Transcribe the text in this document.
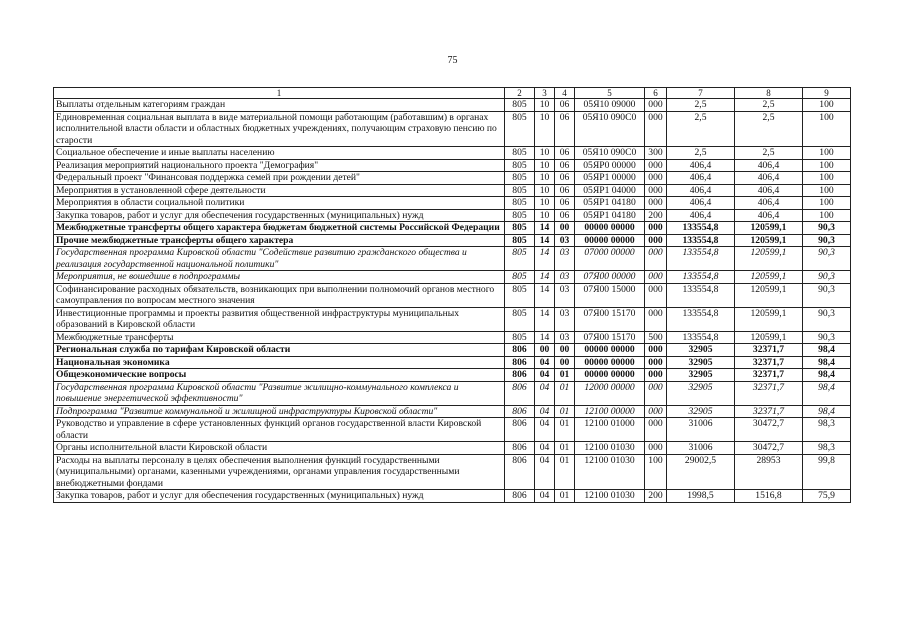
75
1	2	3	4	5	6	7	8	9
Выплаты отдельным категориям граждан	805	10	06	05Я10 09000	000	2,5	2,5	100
Единовременная социальная выплата в виде материальной помощи работающим (работавшим) в органах исполнительной власти области и областных бюджетных учреждениях, получающим страховую пенсию по старости	805	10	06	05Я10 090С0	000	2,5	2,5	100
Социальное обеспечение и иные выплаты населению	805	10	06	05Я10 090С0	300	2,5	2,5	100
Реализация мероприятий национального проекта "Демография"	805	10	06	05ЯР0 00000	000	406,4	406,4	100
Федеральный проект "Финансовая поддержка семей при рождении детей"	805	10	06	05ЯР1 00000	000	406,4	406,4	100
Мероприятия в установленной сфере деятельности	805	10	06	05ЯР1 04000	000	406,4	406,4	100
Мероприятия в области социальной политики	805	10	06	05ЯР1 04180	000	406,4	406,4	100
Закупка товаров, работ и услуг для обеспечения государственных (муниципальных) нужд	805	10	06	05ЯР1 04180	200	406,4	406,4	100
Межбюджетные трансферты общего характера бюджетам бюджетной системы Российской Федерации	805	14	00	00000 00000	000	133554,8	120599,1	90,3
Прочие межбюджетные трансферты общего характера	805	14	03	00000 00000	000	133554,8	120599,1	90,3
Государственная программа Кировской области "Содействие развитию гражданского общества и реализация государственной национальной политики"	805	14	03	07000 00000	000	133554,8	120599,1	90,3
Мероприятия, не вошедшие в подпрограммы	805	14	03	07Я00 00000	000	133554,8	120599,1	90,3
Софинансирование расходных обязательств, возникающих при выполнении полномочий органов местного самоуправления по вопросам местного значения	805	14	03	07Я00 15000	000	133554,8	120599,1	90,3
Инвестиционные программы и проекты развития общественной инфраструктуры муниципальных образований в Кировской области	805	14	03	07Я00 15170	000	133554,8	120599,1	90,3
Межбюджетные трансферты	805	14	03	07Я00 15170	500	133554,8	120599,1	90,3
Региональная служба по тарифам Кировской области	806	00	00	00000 00000	000	32905	32371,7	98,4
Национальная экономика	806	04	00	00000 00000	000	32905	32371,7	98,4
Общеэкономические вопросы	806	04	01	00000 00000	000	32905	32371,7	98,4
Государственная программа Кировской области "Развитие жилищно-коммунального комплекса и повышение энергетической эффективности"	806	04	01	12000 00000	000	32905	32371,7	98,4
Подпрограмма "Развитие коммунальной и жилищной инфраструктуры Кировской области"	806	04	01	12100 00000	000	32905	32371,7	98,4
Руководство и управление в сфере установленных функций органов государственной власти Кировской области	806	04	01	12100 01000	000	31006	30472,7	98,3
Органы исполнительной власти Кировской области	806	04	01	12100 01030	000	31006	30472,7	98,3
Расходы на выплаты персоналу в целях обеспечения выполнения функций государственными (муниципальными) органами, казенными учреждениями, органами управления государственными внебюджетными фондами	806	04	01	12100 01030	100	29002,5	28953	99,8
Закупка товаров, работ и услуг для обеспечения государственных (муниципальных) нужд	806	04	01	12100 01030	200	1998,5	1516,8	75,9
